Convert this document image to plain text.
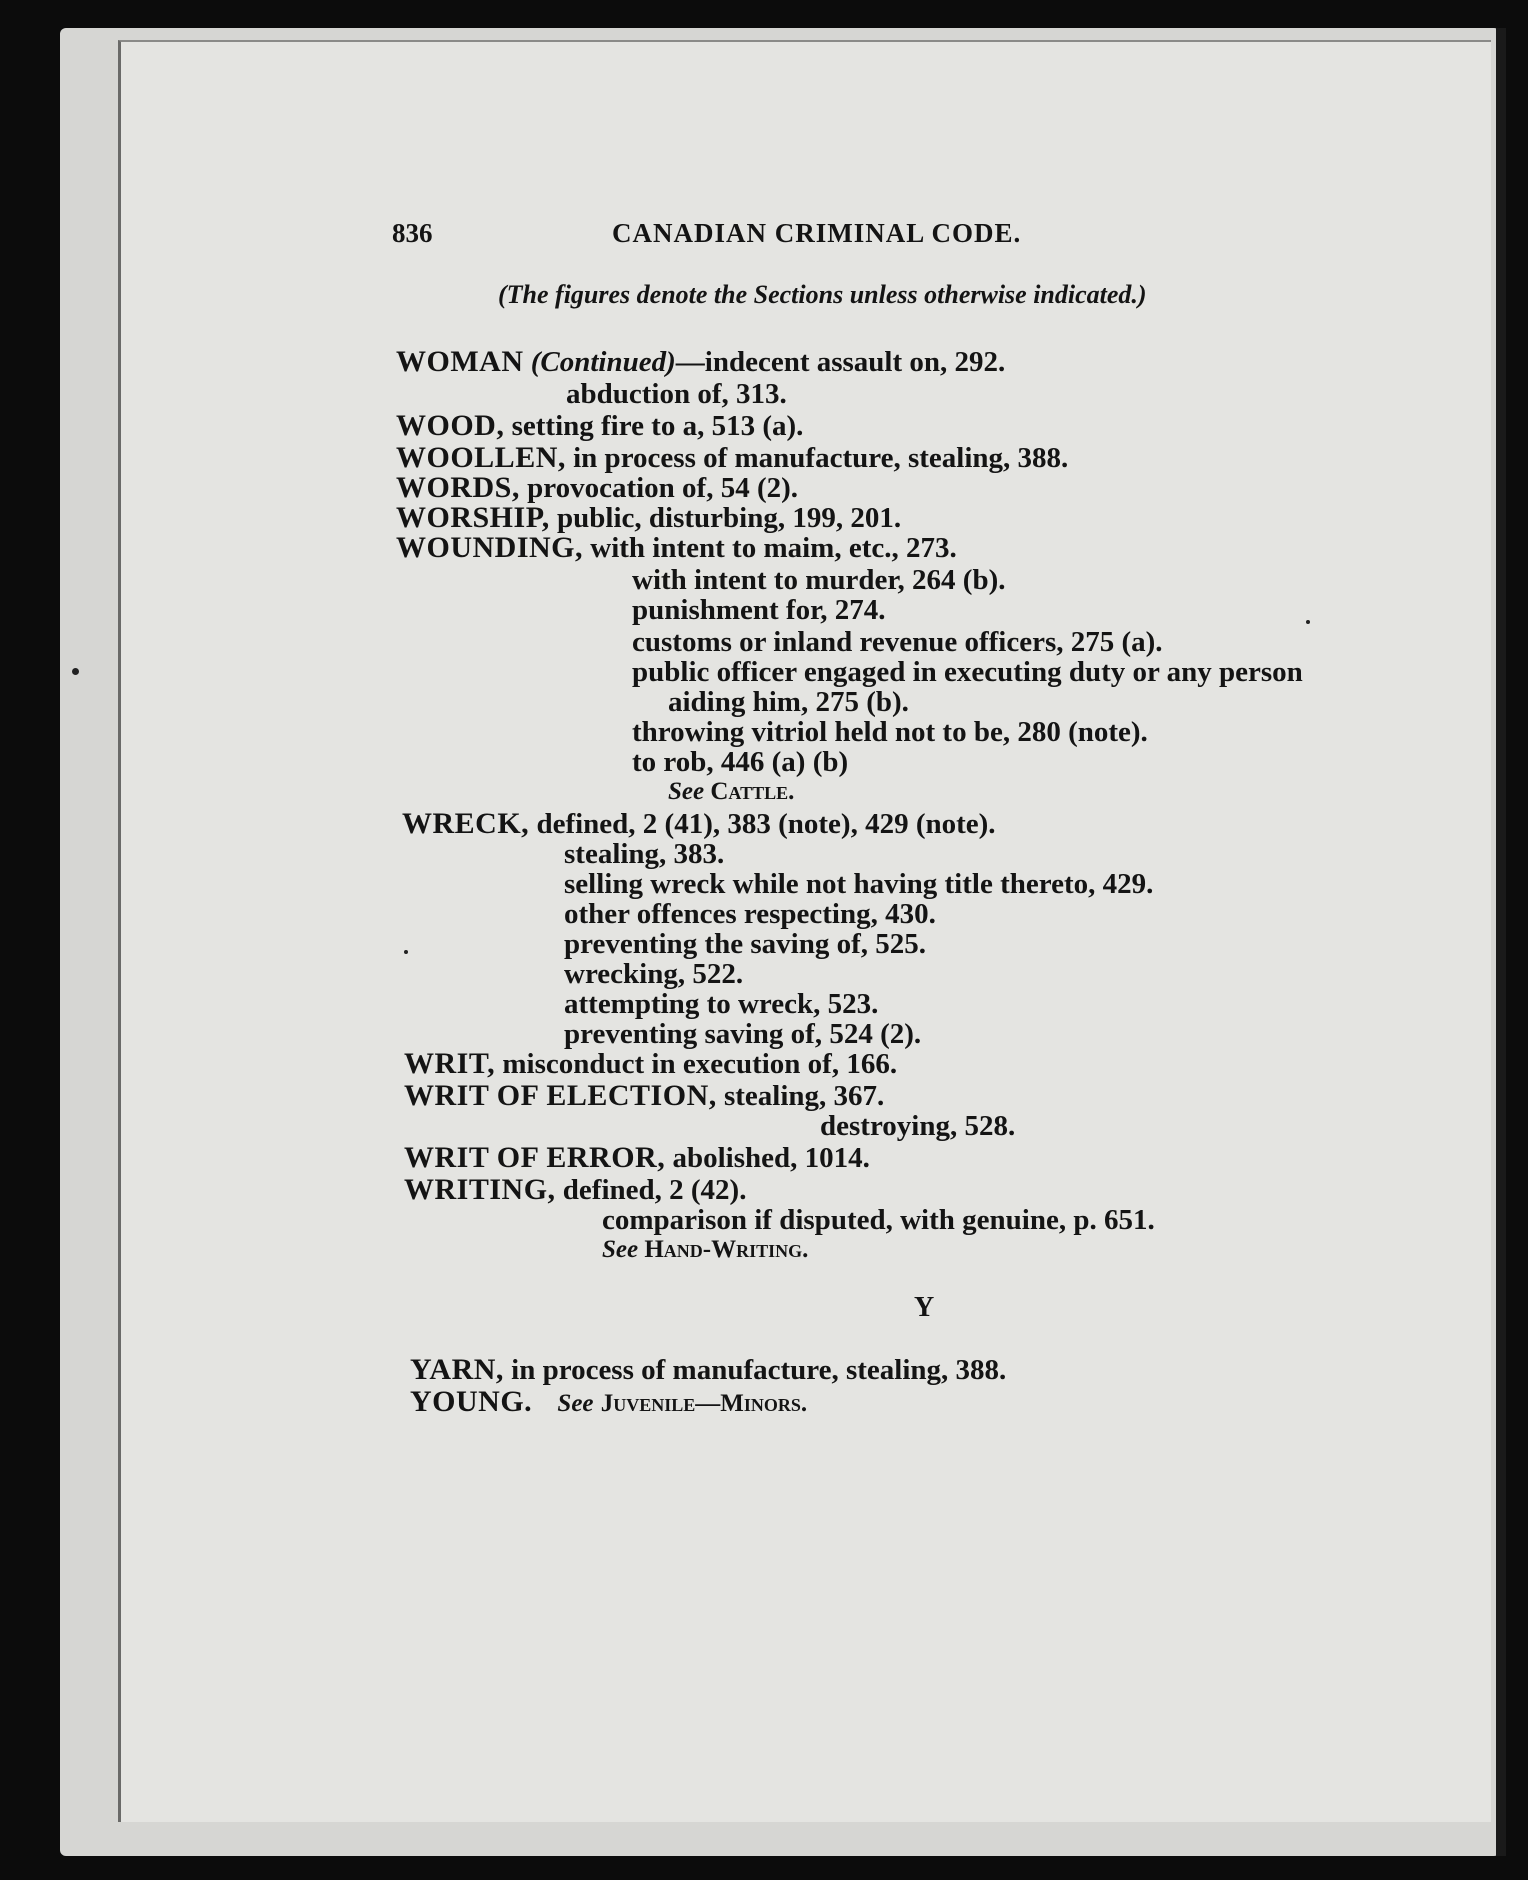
836	CANADIAN CRIMINAL CODE.
(The figures denote the Sections unless otherwise indicated.)
WOMAN (Continued)—indecent assault on, 292.
abduction of, 313.
WOOD, setting fire to a, 513 (a).
WOOLLEN, in process of manufacture, stealing, 388.
WORDS, provocation of, 54 (2).
WORSHIP, public, disturbing, 199, 201.
WOUNDING, with intent to maim, etc., 273.
with intent to murder, 264 (b).
punishment for, 274.
customs or inland revenue officers, 275 (a).
public officer engaged in executing duty or any person
aiding him, 275 (b).
throwing vitriol held not to be, 280 (note).
to rob, 446 (a) (b)
See Cattle.
WRECK, defined, 2 (41), 383 (note), 429 (note).
stealing, 383.
selling wreck while not having title thereto, 429.
other offences respecting, 430.
preventing the saving of, 525.
wrecking, 522.
attempting to wreck, 523.
preventing saving of, 524 (2).
WRIT, misconduct in execution of, 166.
WRIT OF ELECTION, stealing, 367.
destroying, 528.
WRIT OF ERROR, abolished, 1014.
WRITING, defined, 2 (42).
comparison if disputed, with genuine, p. 651.
See Hand-Writing.
Y
YARN, in process of manufacture, stealing, 388.
YOUNG. See Juvenile—Minors.
